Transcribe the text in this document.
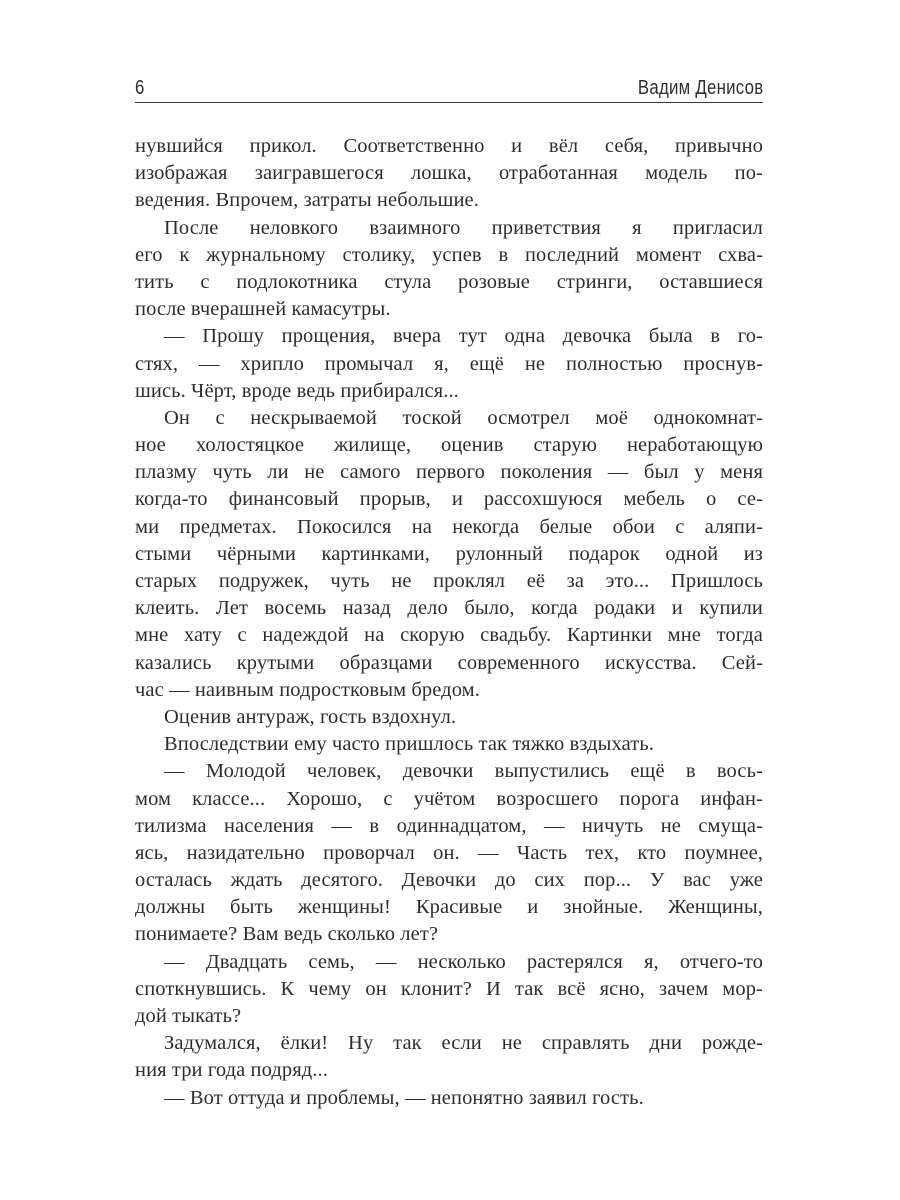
6	Вадим Денисов
нувшийся прикол. Соответственно и вёл себя, привычно
изображая заигравшегося лошка, отработанная модель по-
ведения. Впрочем, затраты небольшие.
После неловкого взаимного приветствия я пригласил
его к журнальному столику, успев в последний момент схва-
тить с подлокотника стула розовые стринги, оставшиеся
после вчерашней камасутры.
— Прошу прощения, вчера тут одна девочка была в го-
стях, — хрипло промычал я, ещё не полностью проснув-
шись. Чёрт, вроде ведь прибирался...
Он с нескрываемой тоской осмотрел моё однокомнат-
ное холостяцкое жилище, оценив старую неработающую
плазму чуть ли не самого первого поколения — был у меня
когда-то финансовый прорыв, и рассохшуюся мебель о се-
ми предметах. Покосился на некогда белые обои с аляпи-
стыми чёрными картинками, рулонный подарок одной из
старых подружек, чуть не проклял её за это... Пришлось
клеить. Лет восемь назад дело было, когда родаки и купили
мне хату с надеждой на скорую свадьбу. Картинки мне тогда
казались крутыми образцами современного искусства. Сей-
час — наивным подростковым бредом.
Оценив антураж, гость вздохнул.
Впоследствии ему часто пришлось так тяжко вздыхать.
— Молодой человек, девочки выпустились ещё в вось-
мом классе... Хорошо, с учётом возросшего порога инфан-
тилизма населения — в одиннадцатом, — ничуть не смуща-
ясь, назидательно проворчал он. — Часть тех, кто поумнее,
осталась ждать десятого. Девочки до сих пор... У вас уже
должны быть женщины! Красивые и знойные. Женщины,
понимаете? Вам ведь сколько лет?
— Двадцать семь, — несколько растерялся я, отчего-то
споткнувшись. К чему он клонит? И так всё ясно, зачем мор-
дой тыкать?
Задумался, ёлки! Ну так если не справлять дни рожде-
ния три года подряд...
— Вот оттуда и проблемы, — непонятно заявил гость.
